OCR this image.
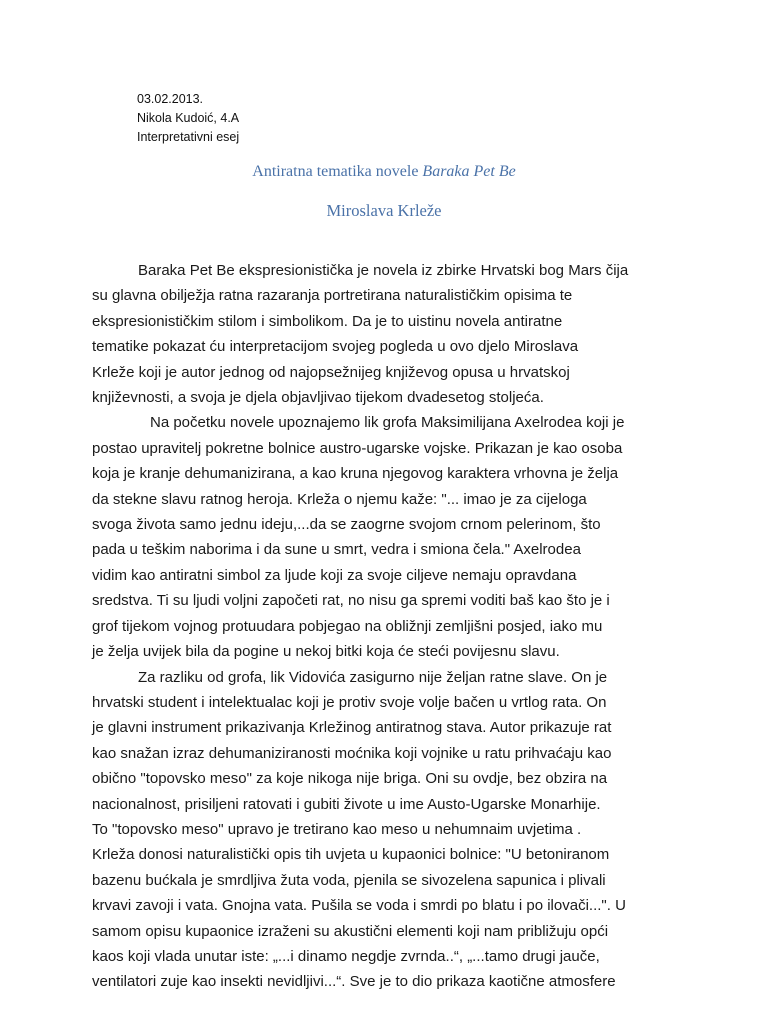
03.02.2013.
Nikola Kudoić, 4.A
Interpretativni esej
Antiratna tematika novele Baraka Pet Be
Miroslava Krleže

Baraka Pet Be ekspresionistička je novela iz zbirke Hrvatski bog Mars čija
su glavna obilježja ratna razaranja portretirana naturalističkim opisima te
ekspresionističkim stilom i simbolikom. Da je to uistinu novela antiratne
tematike pokazat ću interpretacijom svojeg pogleda u ovo djelo Miroslava
Krleže koji je autor jednog od najopsežnijeg književog opusa u hrvatskoj
književnosti, a svoja je djela objavljivao tijekom dvadesetog stoljeća.

Na početku novele upoznajemo lik grofa Maksimilijana Axelrodea koji je
postao upravitelj pokretne bolnice austro-ugarske vojske. Prikazan je kao osoba
koja je kranje dehumanizirana, a kao kruna njegovog karaktera vrhovna je želja
da stekne slavu ratnog heroja. Krleža o njemu kaže: "... imao je za cijeloga
svoga života samo jednu ideju,...da se zaogrne svojom crnom pelerinom, što
pada u teškim naborima i da sune u smrt, vedra i smiona čela." Axelrodea
vidim kao antiratni simbol za ljude koji za svoje ciljeve nemaju opravdana
sredstva. Ti su ljudi voljni započeti rat, no nisu ga spremi voditi baš kao što je i
grof tijekom vojnog protuudara pobjegao na obližnji zemljišni posjed, iako mu
je želja uvijek bila da pogine u nekoj bitki koja će steći povijesnu slavu.

Za razliku od grofa, lik Vidovića zasigurno nije željan ratne slave. On je
hrvatski student i intelektualac koji je protiv svoje volje bačen u vrtlog rata. On
je glavni instrument prikazivanja Krležinog antiratnog stava. Autor prikazuje rat
kao snažan izraz dehumaniziranosti moćnika koji vojnike u ratu prihvaćaju kao
obično "topovsko meso" za koje nikoga nije briga. Oni su ovdje, bez obzira na
nacionalnost, prisiljeni ratovati i gubiti živote u ime Austo-Ugarske Monarhije.
To "topovsko meso" upravo je tretirano kao meso u nehumnaim uvjetima .
Krleža donosi naturalistički opis tih uvjeta u kupaonici bolnice: "U betoniranom
bazenu bućkala je smrdljiva žuta voda, pjenila se sivozelena sapunica i plivali
krvavi zavoji i vata. Gnojna vata. Pušila se voda i smrdi po blatu i po ilovači...". U
samom opisu kupaonice izraženi su akustični elementi koji nam približuju opći
kaos koji vlada unutar iste: „...i dinamo negdje zvrnda..“, „...tamo drugi jauče,
ventilatori zuje kao insekti nevidljivi...“. Sve je to dio prikaza kaotične atmosfere
